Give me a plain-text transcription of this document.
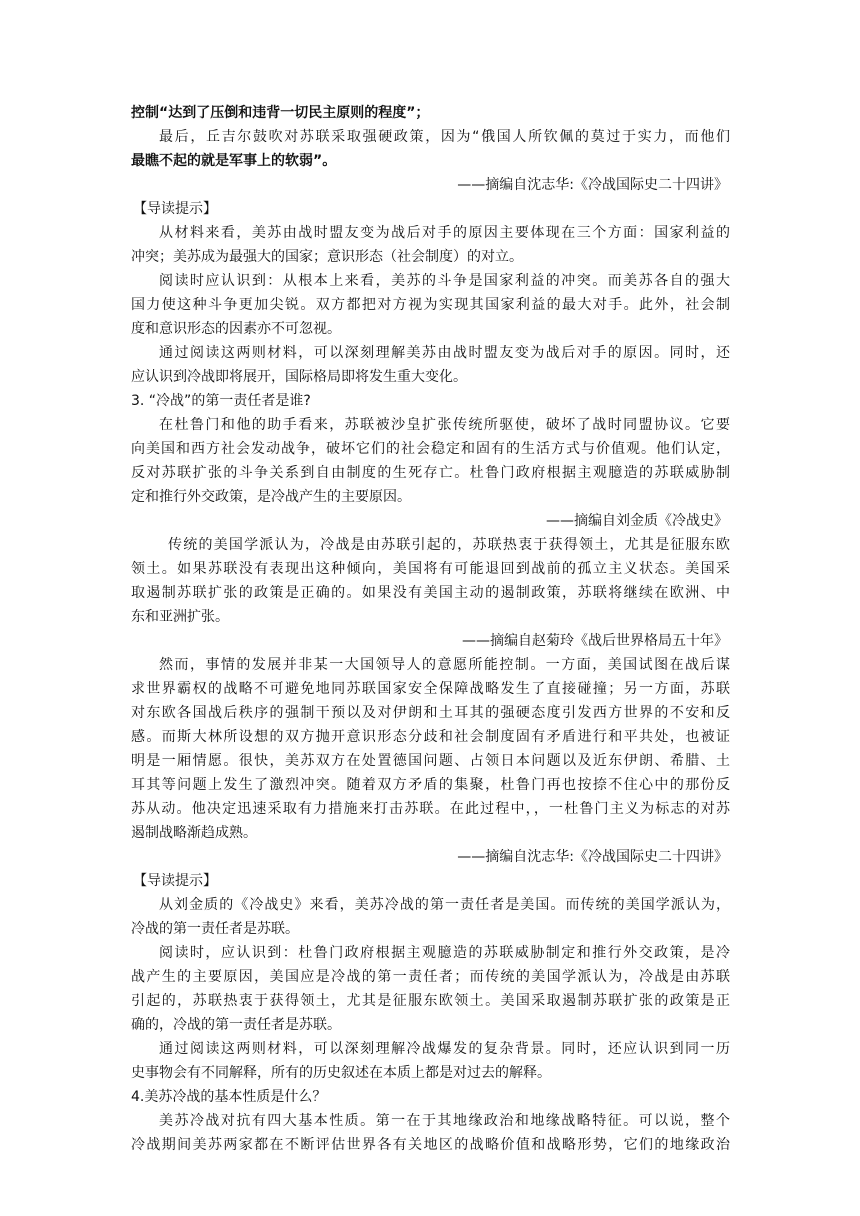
控制“达到了压倒和违背一切民主原则的程度”；
最后，丘吉尔鼓吹对苏联采取强硬政策，因为“俄国人所钦佩的莫过于实力，而他们
最瞧不起的就是军事上的软弱”。
——摘编自沈志华:《冷战国际史二十四讲》
【导读提示】
从材料来看，美苏由战时盟友变为战后对手的原因主要体现在三个方面：国家利益的
冲突；美苏成为最强大的国家；意识形态（社会制度）的对立。
阅读时应认识到：从根本上来看，美苏的斗争是国家利益的冲突。而美苏各自的强大
国力使这种斗争更加尖锐。双方都把对方视为实现其国家利益的最大对手。此外，社会制
度和意识形态的因素亦不可忽视。
通过阅读这两则材料，可以深刻理解美苏由战时盟友变为战后对手的原因。同时，还
应认识到冷战即将展开，国际格局即将发生重大变化。
3. “冷战”的第一责任者是谁?
在杜鲁门和他的助手看来，苏联被沙皇扩张传统所驱使，破坏了战时同盟协议。它要
向美国和西方社会发动战争，破坏它们的社会稳定和固有的生活方式与价值观。他们认定，
反对苏联扩张的斗争关系到自由制度的生死存亡。杜鲁门政府根据主观臆造的苏联威胁制
定和推行外交政策，是冷战产生的主要原因。
——摘编自刘金质《冷战史》
传统的美国学派认为，冷战是由苏联引起的，苏联热衷于获得领土，尤其是征服东欧
领土。如果苏联没有表现出这种倾向，美国将有可能退回到战前的孤立主义状态。美国采
取遏制苏联扩张的政策是正确的。如果没有美国主动的遏制政策，苏联将继续在欧洲、中
东和亚洲扩张。
——摘编自赵菊玲《战后世界格局五十年》
然而，事情的发展并非某一大国领导人的意愿所能控制。一方面，美国试图在战后谋
求世界霸权的战略不可避免地同苏联国家安全保障战略发生了直接碰撞；另一方面，苏联
对东欧各国战后秩序的强制干预以及对伊朗和土耳其的强硬态度引发西方世界的不安和反
感。而斯大林所设想的双方抛开意识形态分歧和社会制度固有矛盾进行和平共处，也被证
明是一厢情愿。很快，美苏双方在处置德国问题、占领日本问题以及近东伊朗、希腊、土
耳其等问题上发生了激烈冲突。随着双方矛盾的集聚，杜鲁门再也按捺不住心中的那份反
苏从动。他决定迅速采取有力措施来打击苏联。在此过程中，，一杜鲁门主义为标志的对苏
遏制战略渐趋成熟。
——摘编自沈志华:《冷战国际史二十四讲》
【导读提示】
从刘金质的《冷战史》来看，美苏冷战的第一责任者是美国。而传统的美国学派认为，
冷战的第一责任者是苏联。
阅读时，应认识到：杜鲁门政府根据主观臆造的苏联威胁制定和推行外交政策，是冷
战产生的主要原因，美国应是冷战的第一责任者；而传统的美国学派认为，冷战是由苏联
引起的，苏联热衷于获得领土，尤其是征服东欧领土。美国采取遏制苏联扩张的政策是正
确的，冷战的第一责任者是苏联。
通过阅读这两则材料，可以深刻理解冷战爆发的复杂背景。同时，还应认识到同一历
史事物会有不同解释，所有的历史叙述在本质上都是对过去的解释。
4.美苏冷战的基本性质是什么？
美苏冷战对抗有四大基本性质。第一在于其地缘政治和地缘战略特征。可以说，整个
冷战期间美苏两家都在不断评估世界各有关地区的战略价值和战略形势，它们的地缘政治
